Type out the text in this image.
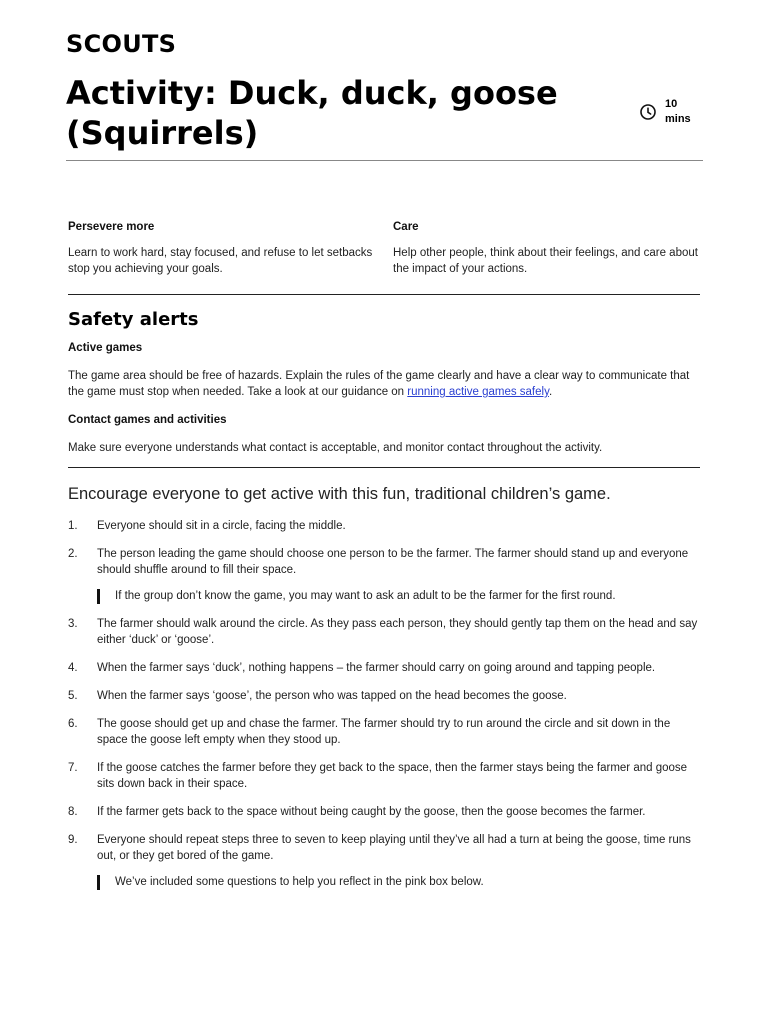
SCOUTS
Activity: Duck, duck, goose (Squirrels)
10
mins

Persevere more

Learn to work hard, stay focused, and refuse to let setbacks stop you achieving your goals.

Care

Help other people, think about their feelings, and care about the impact of your actions.

Safety alerts
Active games

The game area should be free of hazards. Explain the rules of the game clearly and have a clear way to communicate that the game must stop when needed. Take a look at our guidance on running active games safely.

Contact games and activities

Make sure everyone understands what contact is acceptable, and monitor contact throughout the activity.

Encourage everyone to get active with this fun, traditional children’s game.

1.	Everyone should sit in a circle, facing the middle.
2.	The person leading the game should choose one person to be the farmer. The farmer should stand up and everyone should shuffle around to fill their space.
If the group don’t know the game, you may want to ask an adult to be the farmer for the first round.
3.	The farmer should walk around the circle. As they pass each person, they should gently tap them on the head and say either ‘duck’ or ‘goose’.
4.	When the farmer says ‘duck’, nothing happens – the farmer should carry on going around and tapping people.
5.	When the farmer says ‘goose’, the person who was tapped on the head becomes the goose.
6.	The goose should get up and chase the farmer. The farmer should try to run around the circle and sit down in the space the goose left empty when they stood up.
7.	If the goose catches the farmer before they get back to the space, then the farmer stays being the farmer and goose sits down back in their space.
8.	If the farmer gets back to the space without being caught by the goose, then the goose becomes the farmer.
9.	Everyone should repeat steps three to seven to keep playing until they’ve all had a turn at being the goose, time runs out, or they get bored of the game.
We’ve included some questions to help you reflect in the pink box below.
